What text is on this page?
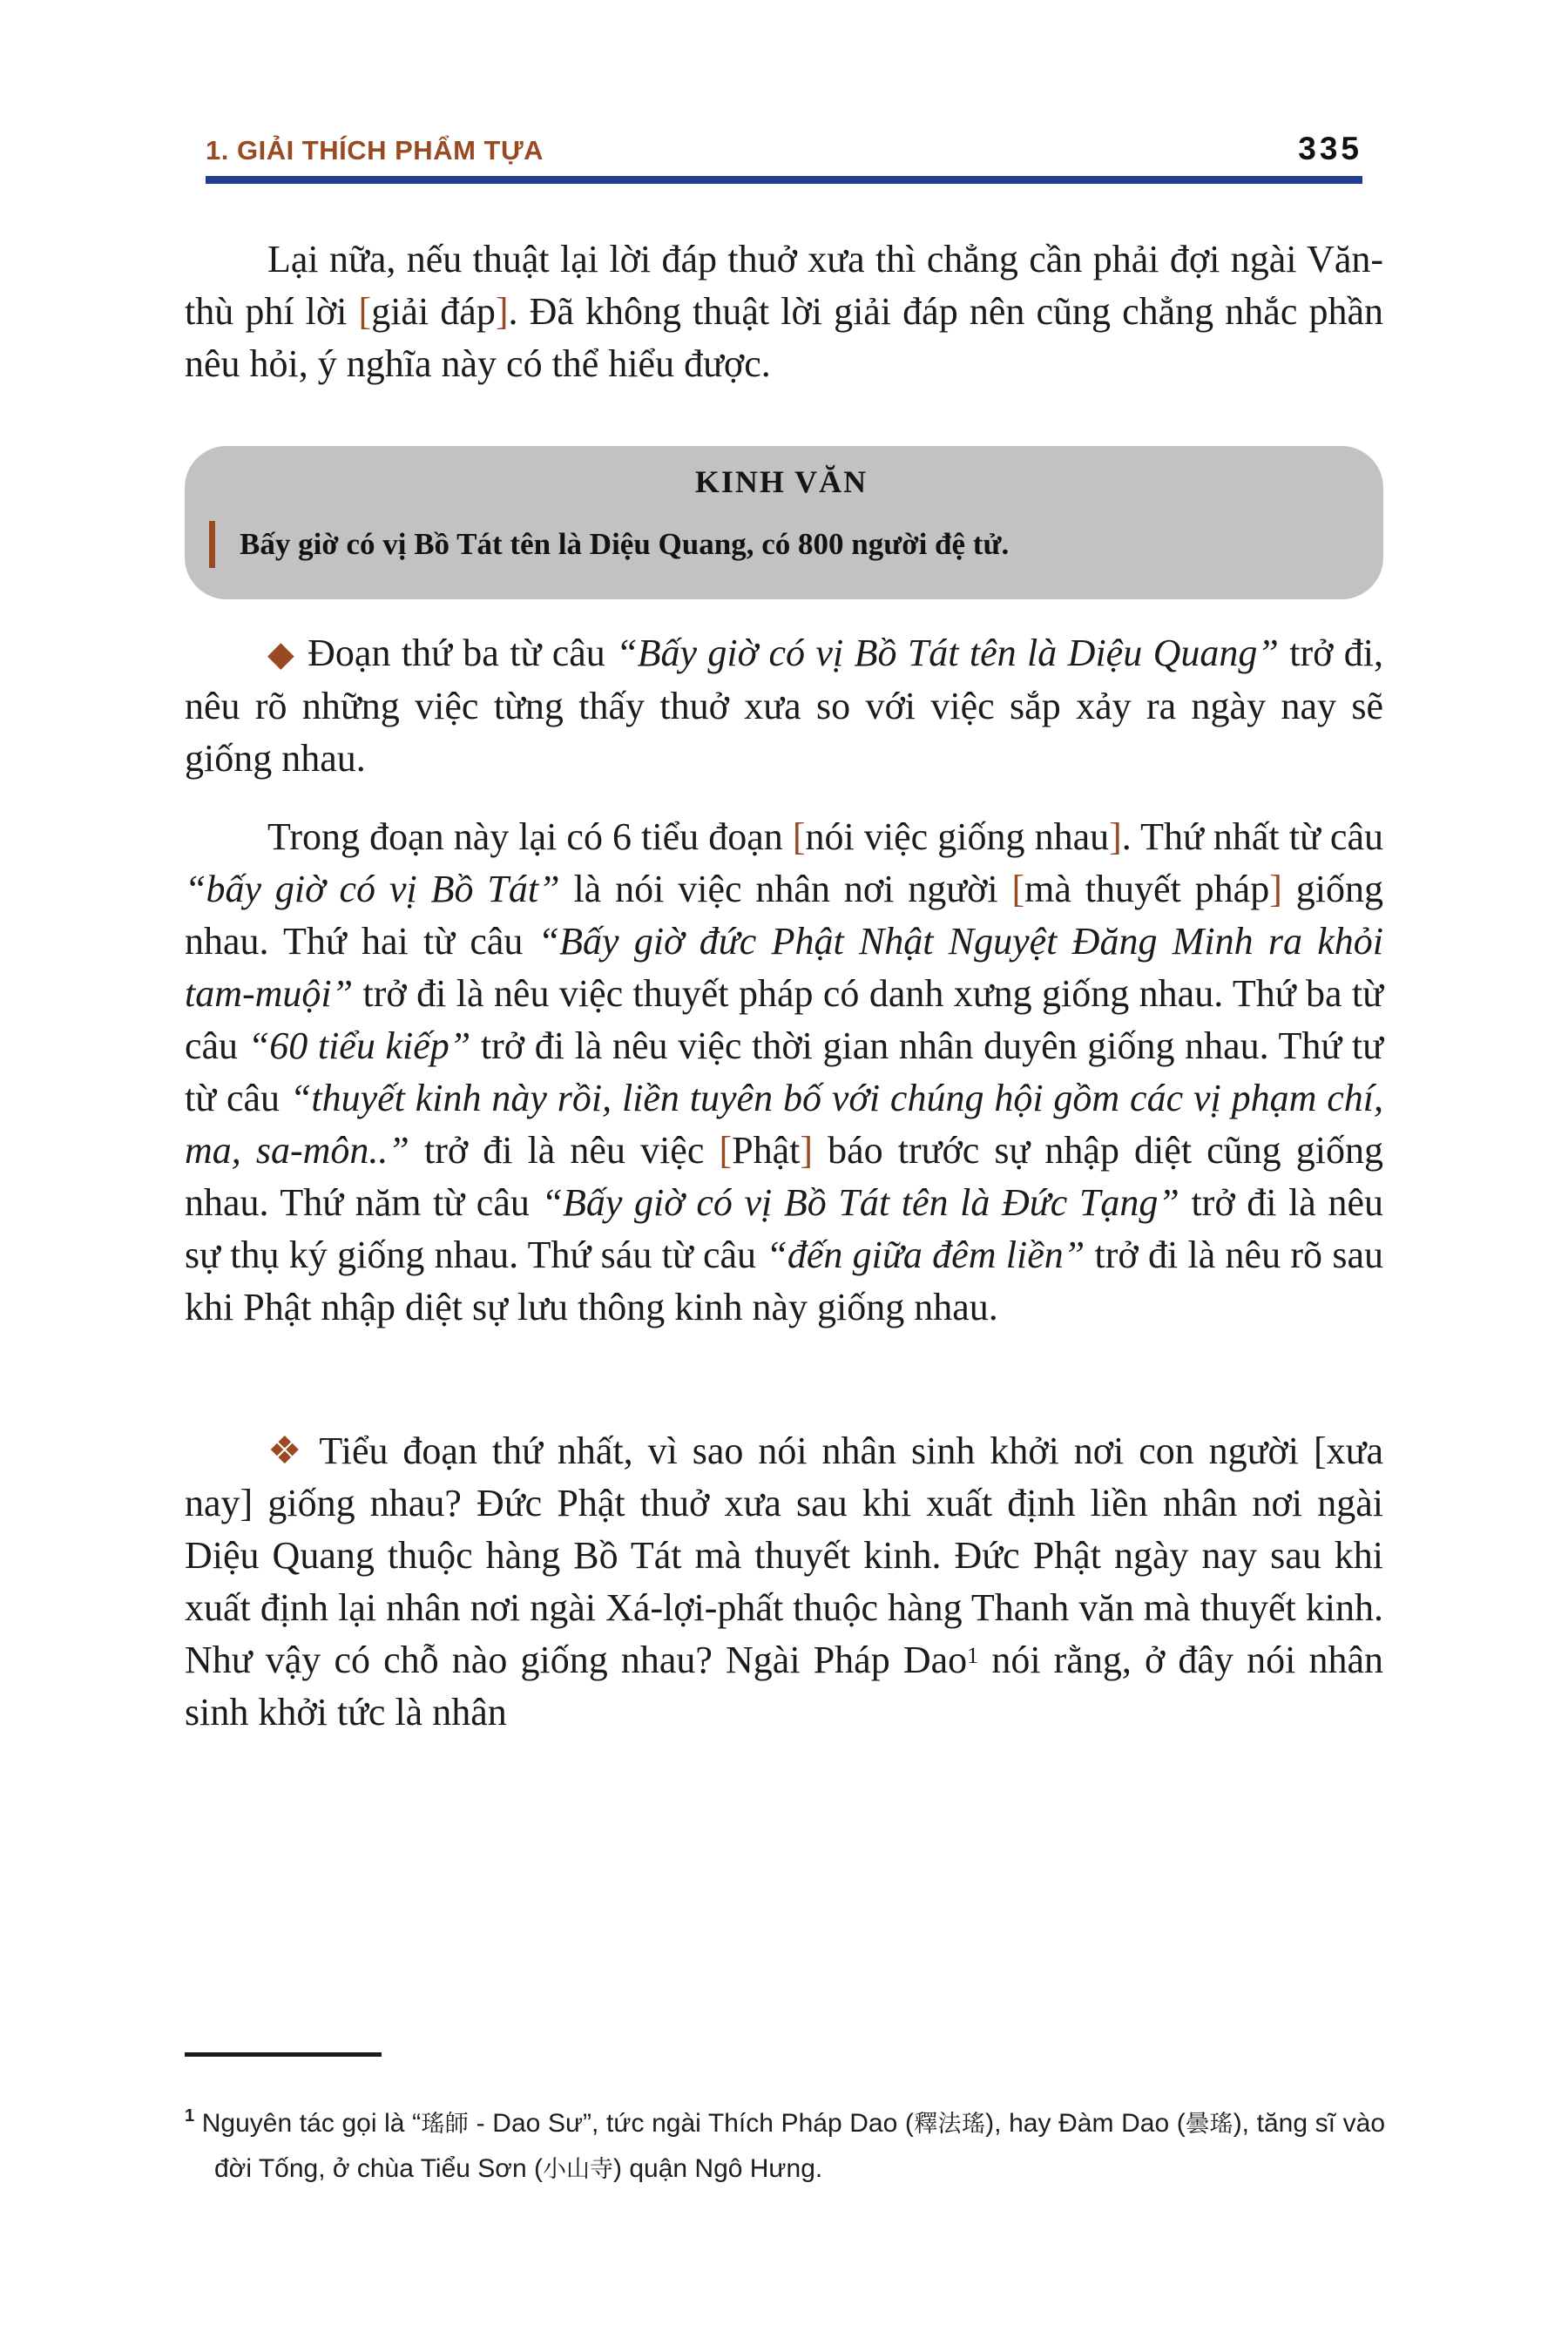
1. GIẢI THÍCH PHẨM TỰA	335

Lại nữa, nếu thuật lại lời đáp thuở xưa thì chẳng cần phải đợi ngài Văn-thù phí lời [giải đáp]. Đã không thuật lời giải đáp nên cũng chẳng nhắc phần nêu hỏi, ý nghĩa này có thể hiểu được.

KINH VĂN
Bấy giờ có vị Bồ Tát tên là Diệu Quang, có 800 người đệ tử.

◆ Đoạn thứ ba từ câu “Bấy giờ có vị Bồ Tát tên là Diệu Quang” trở đi, nêu rõ những việc từng thấy thuở xưa so với việc sắp xảy ra ngày nay sẽ giống nhau.

Trong đoạn này lại có 6 tiểu đoạn [nói việc giống nhau]. Thứ nhất từ câu “bấy giờ có vị Bồ Tát” là nói việc nhân nơi người [mà thuyết pháp] giống nhau. Thứ hai từ câu “Bấy giờ đức Phật Nhật Nguyệt Đăng Minh ra khỏi tam-muội” trở đi là nêu việc thuyết pháp có danh xưng giống nhau. Thứ ba từ câu “60 tiểu kiếp” trở đi là nêu việc thời gian nhân duyên giống nhau. Thứ tư từ câu “thuyết kinh này rồi, liền tuyên bố với chúng hội gồm các vị phạm chí, ma, sa-môn..” trở đi là nêu việc [Phật] báo trước sự nhập diệt cũng giống nhau. Thứ năm từ câu “Bấy giờ có vị Bồ Tát tên là Đức Tạng” trở đi là nêu sự thụ ký giống nhau. Thứ sáu từ câu “đến giữa đêm liền” trở đi là nêu rõ sau khi Phật nhập diệt sự lưu thông kinh này giống nhau.

❖ Tiểu đoạn thứ nhất, vì sao nói nhân sinh khởi nơi con người [xưa nay] giống nhau? Đức Phật thuở xưa sau khi xuất định liền nhân nơi ngài Diệu Quang thuộc hàng Bồ Tát mà thuyết kinh. Đức Phật ngày nay sau khi xuất định lại nhân nơi ngài Xá-lợi-phất thuộc hàng Thanh văn mà thuyết kinh. Như vậy có chỗ nào giống nhau? Ngài Pháp Dao$^1$ nói rằng, ở đây nói nhân sinh khởi tức là nhân

$^1$ Nguyên tác gọi là “瑤師 - Dao Sư”, tức ngài Thích Pháp Dao (釋法瑤), hay Đàm Dao (曇瑤), tăng sĩ vào đời Tống, ở chùa Tiểu Sơn (小山寺) quận Ngô Hưng.
